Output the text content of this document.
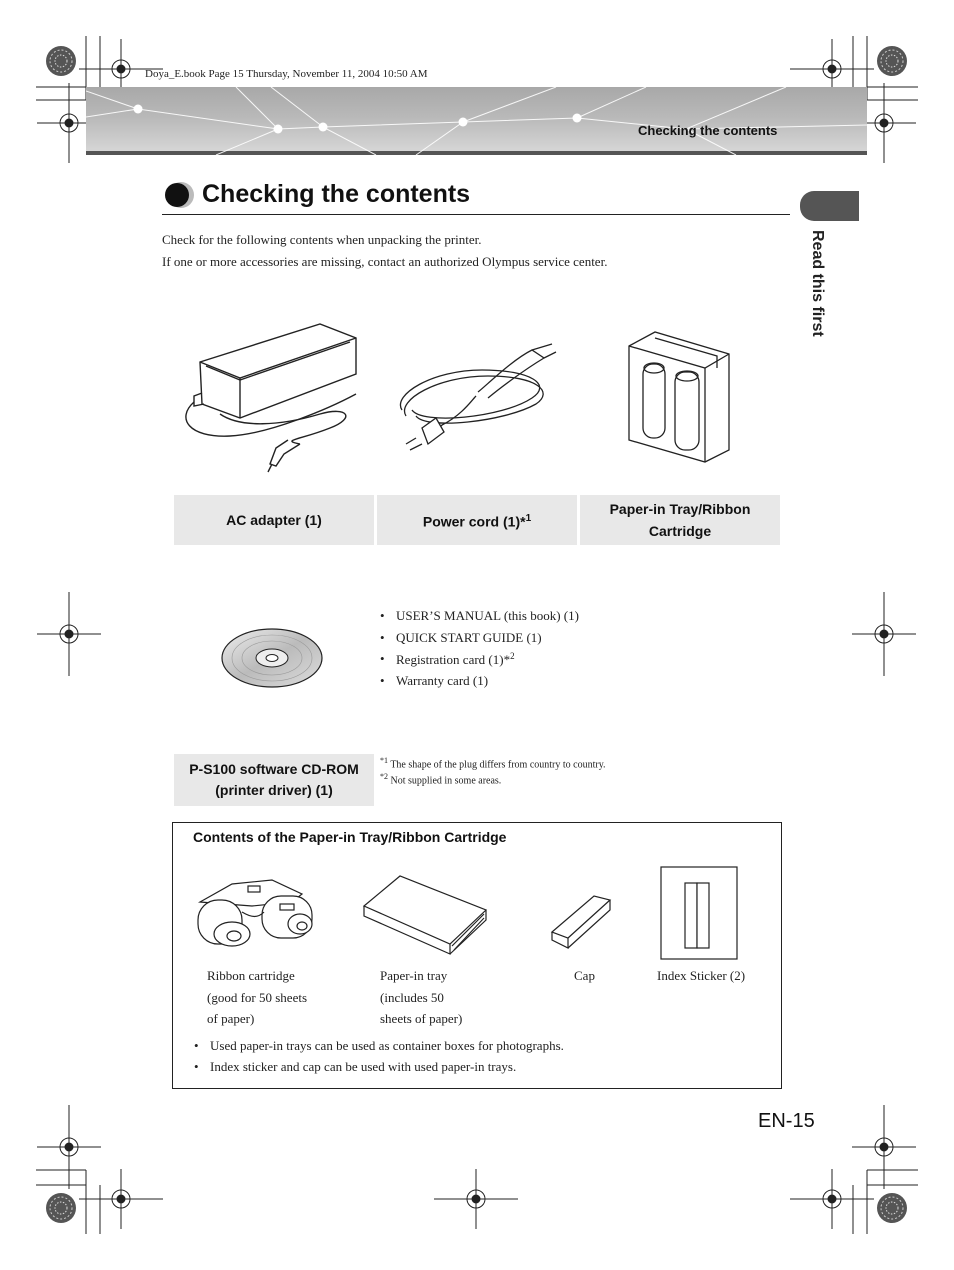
Doya_E.book Page 15 Thursday, November 11, 2004 10:50 AM
Checking the contents
Checking the contents
Check for the following contents when unpacking the printer.
If one or more accessories are missing, contact an authorized Olympus service center.	Read this first
AC adapter (1)	Power cord (1)*$^1$
Paper-in Tray/Ribbon
Cartridge
• USER’S MANUAL (this book) (1)
• QUICK START GUIDE (1)
• Registration card (1)*$^2$
• Warranty card (1)
P-S100 software CD-ROM
(printer driver) (1)
$^{*1}$ The shape of the plug differs from country to country.
$^{*2}$ Not supplied in some areas.
Contents of the Paper-in Tray/Ribbon Cartridge
Ribbon cartridge
(good for 50 sheets
of paper)
Paper-in tray
(includes 50
sheets of paper)
Cap	Index Sticker (2)
• Used paper-in trays can be used as container boxes for photographs.
• Index sticker and cap can be used with used paper-in trays.
EN-15
